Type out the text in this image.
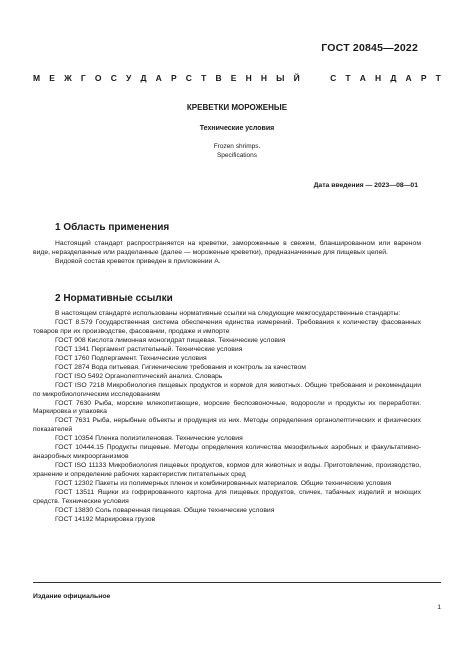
ГОСТ 20845—2022
М Е Ж Г О С У Д А Р С Т В Е Н Н Ы Й	С Т А Н Д А Р Т
КРЕВЕТКИ МОРОЖЕНЫЕ
Технические условия
Frozen shrimps.
Specifications
Дата введения — 2023—08—01
1 Область применения

Настоящий стандарт распространяется на креветки, замороженные в свежем, бланшированном или вареном виде, неразделанные или разделанные (далее — мороженые креветки), предназначенные для пищевых целей.

Видовой состав креветок приведен в приложении А.

2 Нормативные ссылки

В настоящем стандарте использованы нормативные ссылки на следующие межгосударственные стандарты:

ГОСТ 8.579 Государственная система обеспечения единства измерений. Требования к количеству фасованных товаров при их производстве, фасовании, продаже и импорте

ГОСТ 908 Кислота лимонная моногидрат пищевая. Технические условия

ГОСТ 1341 Пергамент растительный. Технические условия

ГОСТ 1760 Подпергамент. Технические условия

ГОСТ 2874 Вода питьевая. Гигиенические требования и контроль за качеством

ГОСТ ISO 5492 Органолептический анализ. Словарь

ГОСТ ISO 7218 Микробиология пищевых продуктов и кормов для животных. Общие требования и рекомендации по микробиологическим исследованиям

ГОСТ 7630 Рыба, морские млекопитающие, морские беспозвоночные, водоросли и продукты их переработки. Маркировка и упаковка

ГОСТ 7631 Рыба, нерыбные объекты и продукция из них. Методы определения органолептических и физических показателей

ГОСТ 10354 Пленка полиэтиленовая. Технические условия

ГОСТ 10444.15 Продукты пищевые. Методы определения количества мезофильных аэробных и факультативно-анаэробных микроорганизмов

ГОСТ ISO 11133 Микробиология пищевых продуктов, кормов для животных и воды. Приготовление, производство, хранение и определение рабочих характеристик питательных сред

ГОСТ 12302 Пакеты из полимерных пленок и комбинированных материалов. Общие технические условия

ГОСТ 13511 Ящики из гофрированного картона для пищевых продуктов, спичек, табачных изделий и моющих средств. Технические условия

ГОСТ 13830 Соль поваренная пищевая. Общие технические условия

ГОСТ 14192 Маркировка грузов

Издание официальное
1
